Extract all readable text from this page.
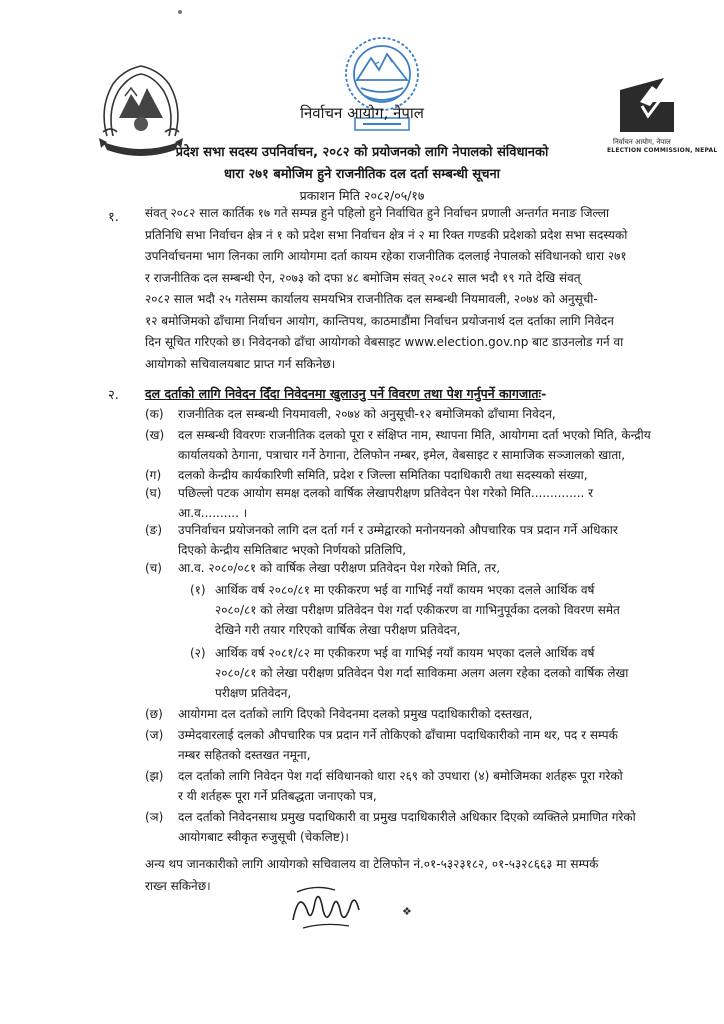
निर्वाचन आयोग, नेपाल
ELECTION COMMISSION, NEPAL
निर्वाचन आयोग, नेपाल
प्रदेश सभा सदस्य उपनिर्वाचन, २०८२ को प्रयोजनको लागि नेपालको संविधानको
धारा २७१ बमोजिम हुने राजनीतिक दल दर्ता सम्बन्धी सूचना
प्रकाशन मिति २०८२/०५/१७
१. संवत् २०८२ साल कार्तिक १७ गते सम्पन्न हुने पहिलो हुने निर्वाचित हुने निर्वाचन प्रणाली अन्तर्गत मनाङ जिल्ला
प्रतिनिधि सभा निर्वाचन क्षेत्र नं १ को प्रदेश सभा निर्वाचन क्षेत्र नं २ मा रिक्त गण्डकी प्रदेशको प्रदेश सभा सदस्यको
उपनिर्वाचनमा भाग लिनका लागि आयोगमा दर्ता कायम रहेका राजनीतिक दललाई नेपालको संविधानको धारा २७१
र राजनीतिक दल सम्बन्धी ऐन, २०७३ को दफा ४८ बमोजिम संवत् २०८२ साल भदौ १९ गते देखि संवत्
२०८२ साल भदौ २५ गतेसम्म कार्यालय समयभित्र राजनीतिक दल सम्बन्धी नियमावली, २०७४ को अनुसूची-
१२ बमोजिमको ढाँचामा निर्वाचन आयोग, कान्तिपथ, काठमाडौंमा निर्वाचन प्रयोजनार्थ दल दर्ताका लागि निवेदन
दिन सूचित गरिएको छ। निवेदनको ढाँचा आयोगको वेबसाइट www.election.gov.np बाट डाउनलोड गर्न वा
आयोगको सचिवालयबाट प्राप्त गर्न सकिनेछ।
२. दल दर्ताको लागि निवेदन दिँदा निवेदनमा खुलाउनु पर्ने विवरण तथा पेश गर्नुपर्ने कागजातः-
(क) राजनीतिक दल सम्बन्धी नियमावली, २०७४ को अनुसूची-१२ बमोजिमको ढाँचामा निवेदन,
(ख) दल सम्बन्धी विवरणः राजनीतिक दलको पूरा र संक्षिप्त नाम, स्थापना मिति, आयोगमा दर्ता भएको मिति, केन्द्रीय
कार्यालयको ठेगाना, पत्राचार गर्ने ठेगाना, टेलिफोन नम्बर, इमेल, वेबसाइट र सामाजिक सञ्जालको खाता,
(ग) दलको केन्द्रीय कार्यकारिणी समिति, प्रदेश र जिल्ला समितिका पदाधिकारी तथा सदस्यको संख्या,
(घ) पछिल्लो पटक आयोग समक्ष दलको वार्षिक लेखापरीक्षण प्रतिवेदन पेश गरेको मिति.............. र
आ.व.......... ।
(ङ) उपनिर्वाचन प्रयोजनको लागि दल दर्ता गर्न र उम्मेद्वारको मनोनयनको औपचारिक पत्र प्रदान गर्ने अधिकार
दिएको केन्द्रीय समितिबाट भएको निर्णयको प्रतिलिपि,
(च) आ.व. २०८०/०८१ को वार्षिक लेखा परीक्षण प्रतिवेदन पेश गरेको मिति, तर,
(१) आर्थिक वर्ष २०८०/८१ मा एकीकरण भई वा गाभिई नयाँ कायम भएका दलले आर्थिक वर्ष
२०८०/८१ को लेखा परीक्षण प्रतिवेदन पेश गर्दा एकीकरण वा गाभिनुपूर्वका दलको विवरण समेत
देखिने गरी तयार गरिएको वार्षिक लेखा परीक्षण प्रतिवेदन,
(२) आर्थिक वर्ष २०८१/८२ मा एकीकरण भई वा गाभिई नयाँ कायम भएका दलले आर्थिक वर्ष
२०८०/८१ को लेखा परीक्षण प्रतिवेदन पेश गर्दा साविकमा अलग अलग रहेका दलको वार्षिक लेखा
परीक्षण प्रतिवेदन,
(छ) आयोगमा दल दर्ताको लागि दिएको निवेदनमा दलको प्रमुख पदाधिकारीको दस्तखत,
(ज) उम्मेदवारलाई दलको औपचारिक पत्र प्रदान गर्ने तोकिएको ढाँचामा पदाधिकारीको नाम थर, पद र सम्पर्क
नम्बर सहितको दस्तखत नमूना,
(झ) दल दर्ताको लागि निवेदन पेश गर्दा संविधानको धारा २६९ को उपधारा (४) बमोजिमका शर्तहरू पूरा गरेको
र यी शर्तहरू पूरा गर्ने प्रतिबद्धता जनाएको पत्र,
(ञ) दल दर्ताको निवेदनसाथ प्रमुख पदाधिकारी वा प्रमुख पदाधिकारीले अधिकार दिएको व्यक्तिले प्रमाणित गरेको
आयोगबाट स्वीकृत रुजुसूची (चेकलिष्ट)।
अन्य थप जानकारीको लागि आयोगको सचिवालय वा टेलिफोन नं.०१-५३२३१८२, ०१-५३२८६६३ मा सम्पर्क
राख्न सकिनेछ।
❖
